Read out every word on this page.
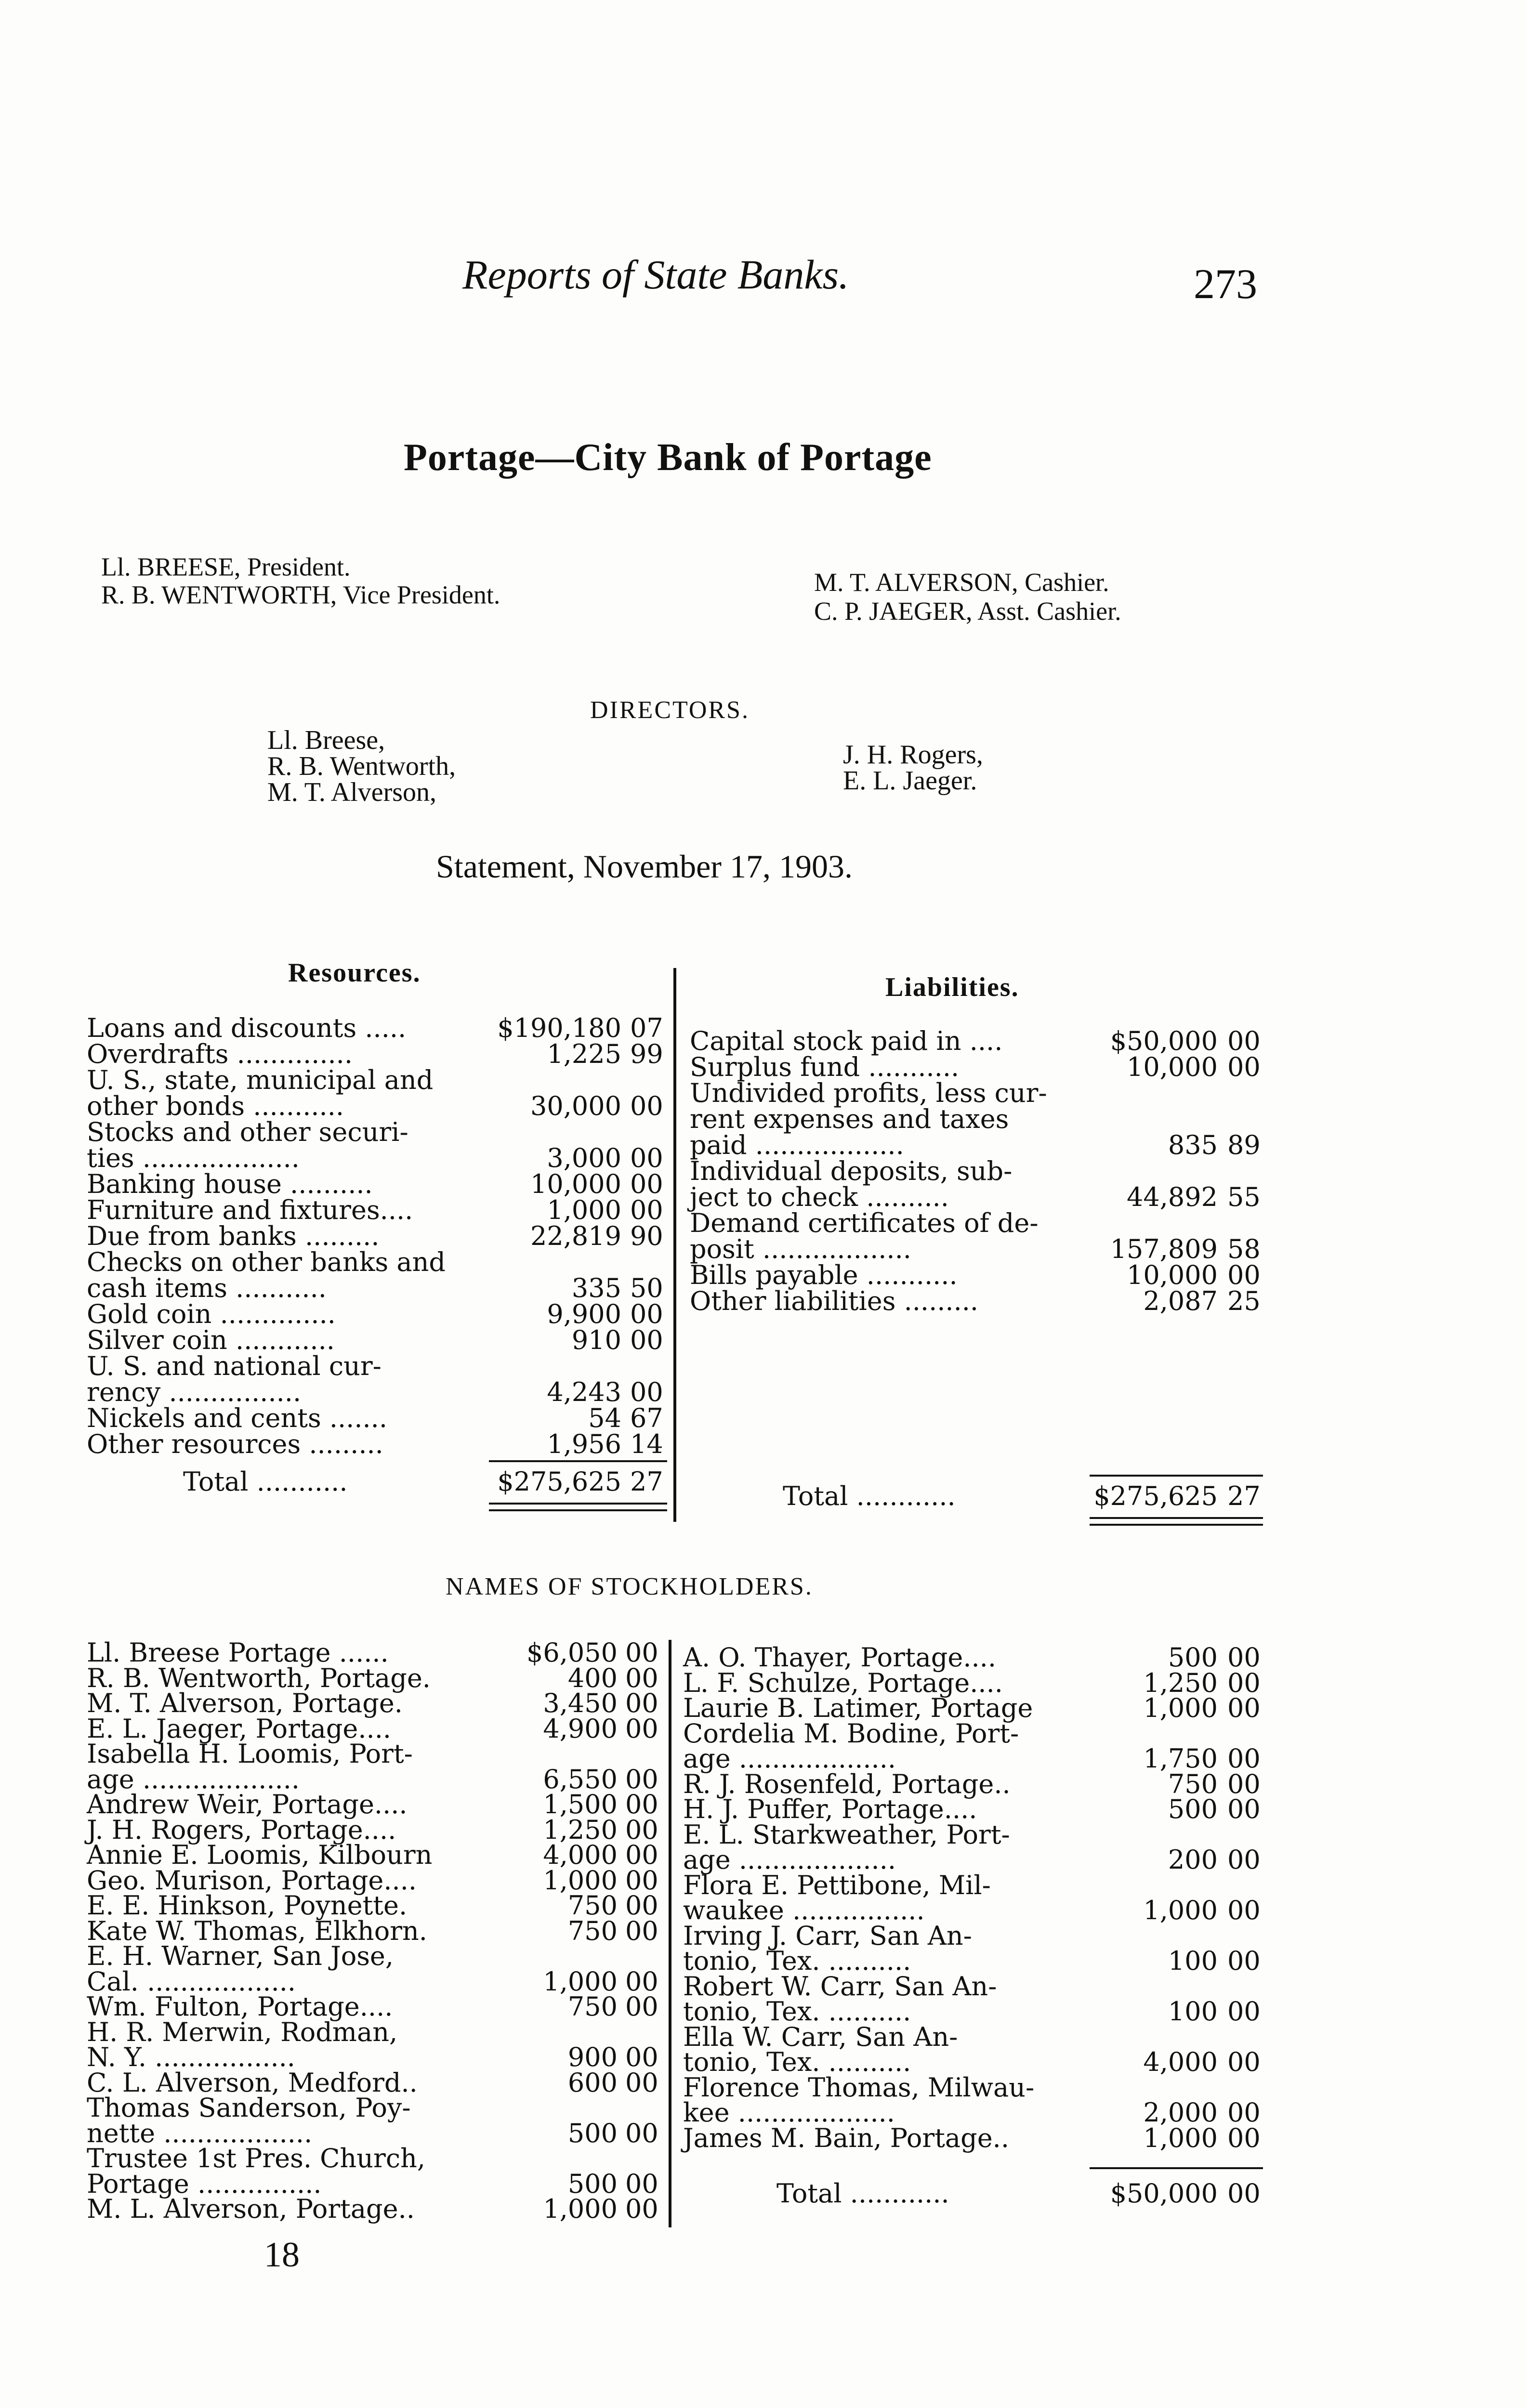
Reports of State Banks.	273
Portage—City Bank of Portage
Ll. BREESE, President.
R. B. WENTWORTH, Vice President.	M. T. ALVERSON, Cashier.
C. P. JAEGER, Asst. Cashier.
DIRECTORS.
Ll. Breese,
R. B. Wentworth,
M. T. Alverson,
J. H. Rogers,
E. L. Jaeger.
Statement, November 17, 1903.
Resources.	Liabilities.
Loans and discounts .....	$190,180 07
Overdrafts ..............	1,225 99
U. S., state, municipal and
other bonds ...........	30,000 00
Stocks and other securi-
ties ...................	3,000 00
Banking house ..........	10,000 00
Furniture and fixtures....	1,000 00
Due from banks .........	22,819 90
Checks on other banks and
cash items ...........	335 50
Gold coin ..............	9,900 00
Silver coin ............	910 00
U. S. and national cur-
rency ................	4,243 00
Nickels and cents .......	54 67
Other resources .........	1,956 14
Total ...........	$275,625 27
Capital stock paid in ....	$50,000 00
Surplus fund ...........	10,000 00
Undivided profits, less cur-
rent expenses and taxes
paid ..................	835 89
Individual deposits, sub-
ject to check ..........	44,892 55
Demand certificates of de-
posit ..................	157,809 58
Bills payable ...........	10,000 00
Other liabilities .........	2,087 25
Total ............	$275,625 27
NAMES OF STOCKHOLDERS.
Ll. Breese Portage ......	$6,050 00
R. B. Wentworth, Portage.	400 00
M. T. Alverson, Portage.	3,450 00
E. L. Jaeger, Portage....	4,900 00
Isabella H. Loomis, Port-
age ...................	6,550 00
Andrew Weir, Portage....	1,500 00
J. H. Rogers, Portage....	1,250 00
Annie E. Loomis, Kilbourn	4,000 00
Geo. Murison, Portage....	1,000 00
E. E. Hinkson, Poynette.	750 00
Kate W. Thomas, Elkhorn.	750 00
E. H. Warner, San Jose,
Cal. ..................	1,000 00
Wm. Fulton, Portage....	750 00
H. R. Merwin, Rodman,
N. Y. .................	900 00
C. L. Alverson, Medford..	600 00
Thomas Sanderson, Poy-
nette ..................	500 00
Trustee 1st Pres. Church,
Portage ...............	500 00
M. L. Alverson, Portage..	1,000 00
A. O. Thayer, Portage....	500 00
L. F. Schulze, Portage....	1,250 00
Laurie B. Latimer, Portage	1,000 00
Cordelia M. Bodine, Port-
age ...................	1,750 00
R. J. Rosenfeld, Portage..	750 00
H. J. Puffer, Portage....	500 00
E. L. Starkweather, Port-
age ...................	200 00
Flora E. Pettibone, Mil-
waukee ................	1,000 00
Irving J. Carr, San An-
tonio, Tex. ..........	100 00
Robert W. Carr, San An-
tonio, Tex. ..........	100 00
Ella W. Carr, San An-
tonio, Tex. ..........	4,000 00
Florence Thomas, Milwau-
kee ...................	2,000 00
James M. Bain, Portage..	1,000 00
Total ............	$50,000 00
18
